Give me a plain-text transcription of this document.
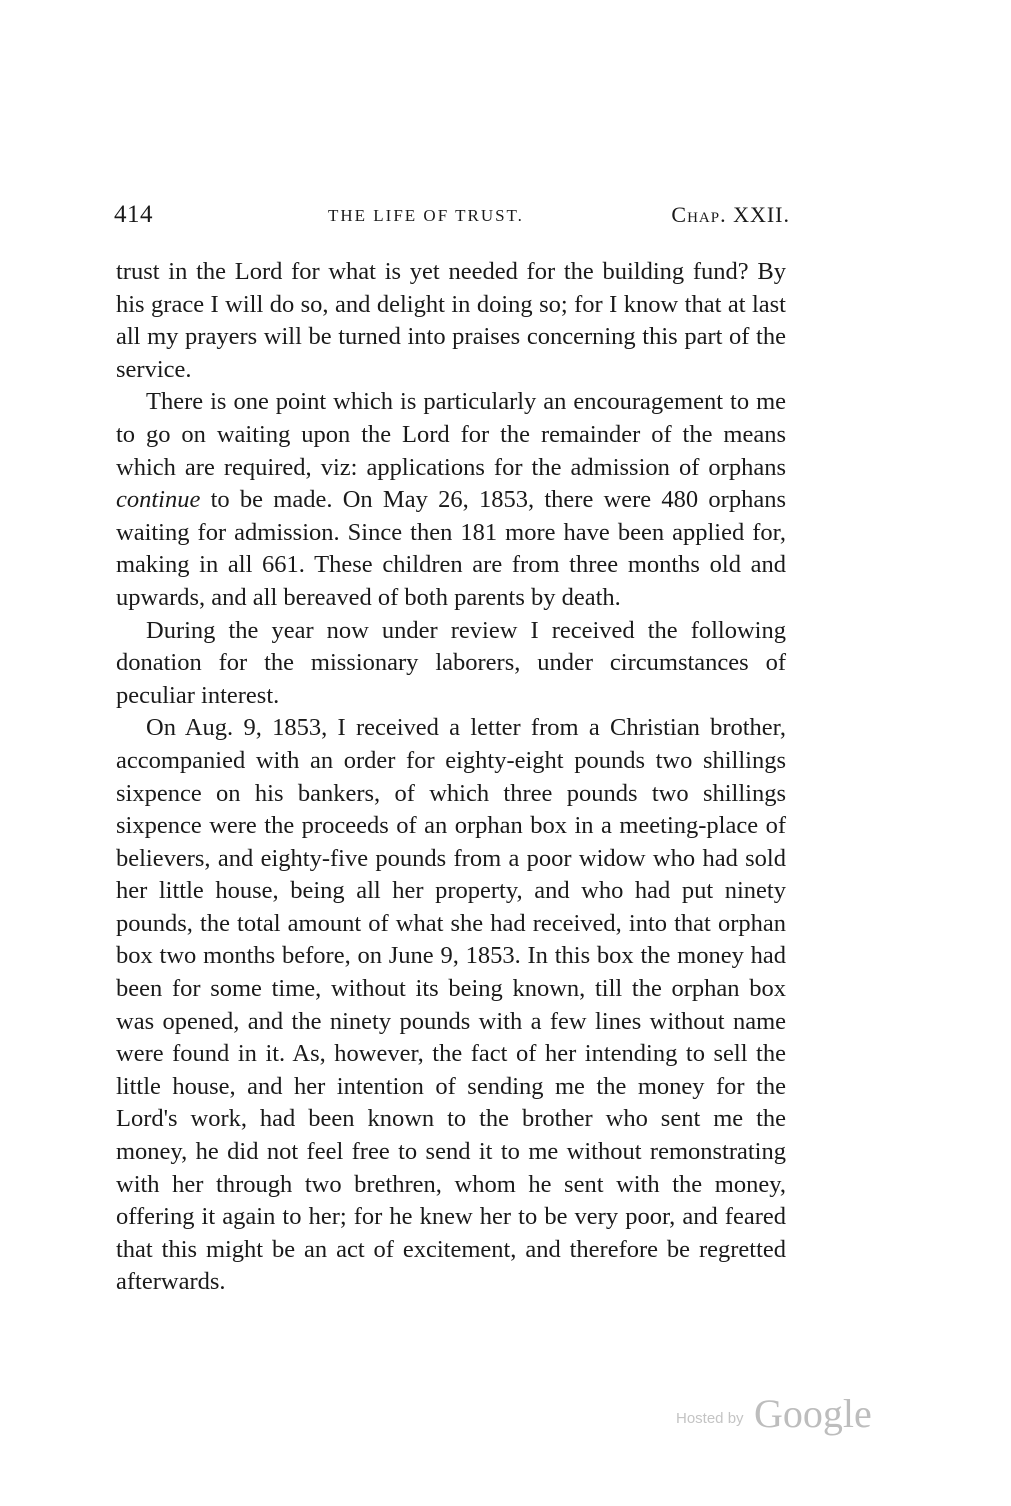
414	THE LIFE OF TRUST.	Chap. XXII.

trust in the Lord for what is yet needed for the building fund? By his grace I will do so, and delight in doing so; for I know that at last all my prayers will be turned into praises concerning this part of the service.

There is one point which is particularly an encouragement to me to go on waiting upon the Lord for the remainder of the means which are required, viz: applications for the admission of orphans continue to be made. On May 26, 1853, there were 480 orphans waiting for admission. Since then 181 more have been applied for, making in all 661. These children are from three months old and upwards, and all bereaved of both parents by death.

During the year now under review I received the following donation for the missionary laborers, under circumstances of peculiar interest.

On Aug. 9, 1853, I received a letter from a Christian brother, accompanied with an order for eighty-eight pounds two shillings sixpence on his bankers, of which three pounds two shillings sixpence were the proceeds of an orphan box in a meeting-place of believers, and eighty-five pounds from a poor widow who had sold her little house, being all her property, and who had put ninety pounds, the total amount of what she had received, into that orphan box two months before, on June 9, 1853. In this box the money had been for some time, without its being known, till the orphan box was opened, and the ninety pounds with a few lines without name were found in it. As, however, the fact of her intending to sell the little house, and her intention of sending me the money for the Lord's work, had been known to the brother who sent me the money, he did not feel free to send it to me without remonstrating with her through two brethren, whom he sent with the money, offering it again to her; for he knew her to be very poor, and feared that this might be an act of excitement, and therefore be regretted afterwards.

Hosted by Google
